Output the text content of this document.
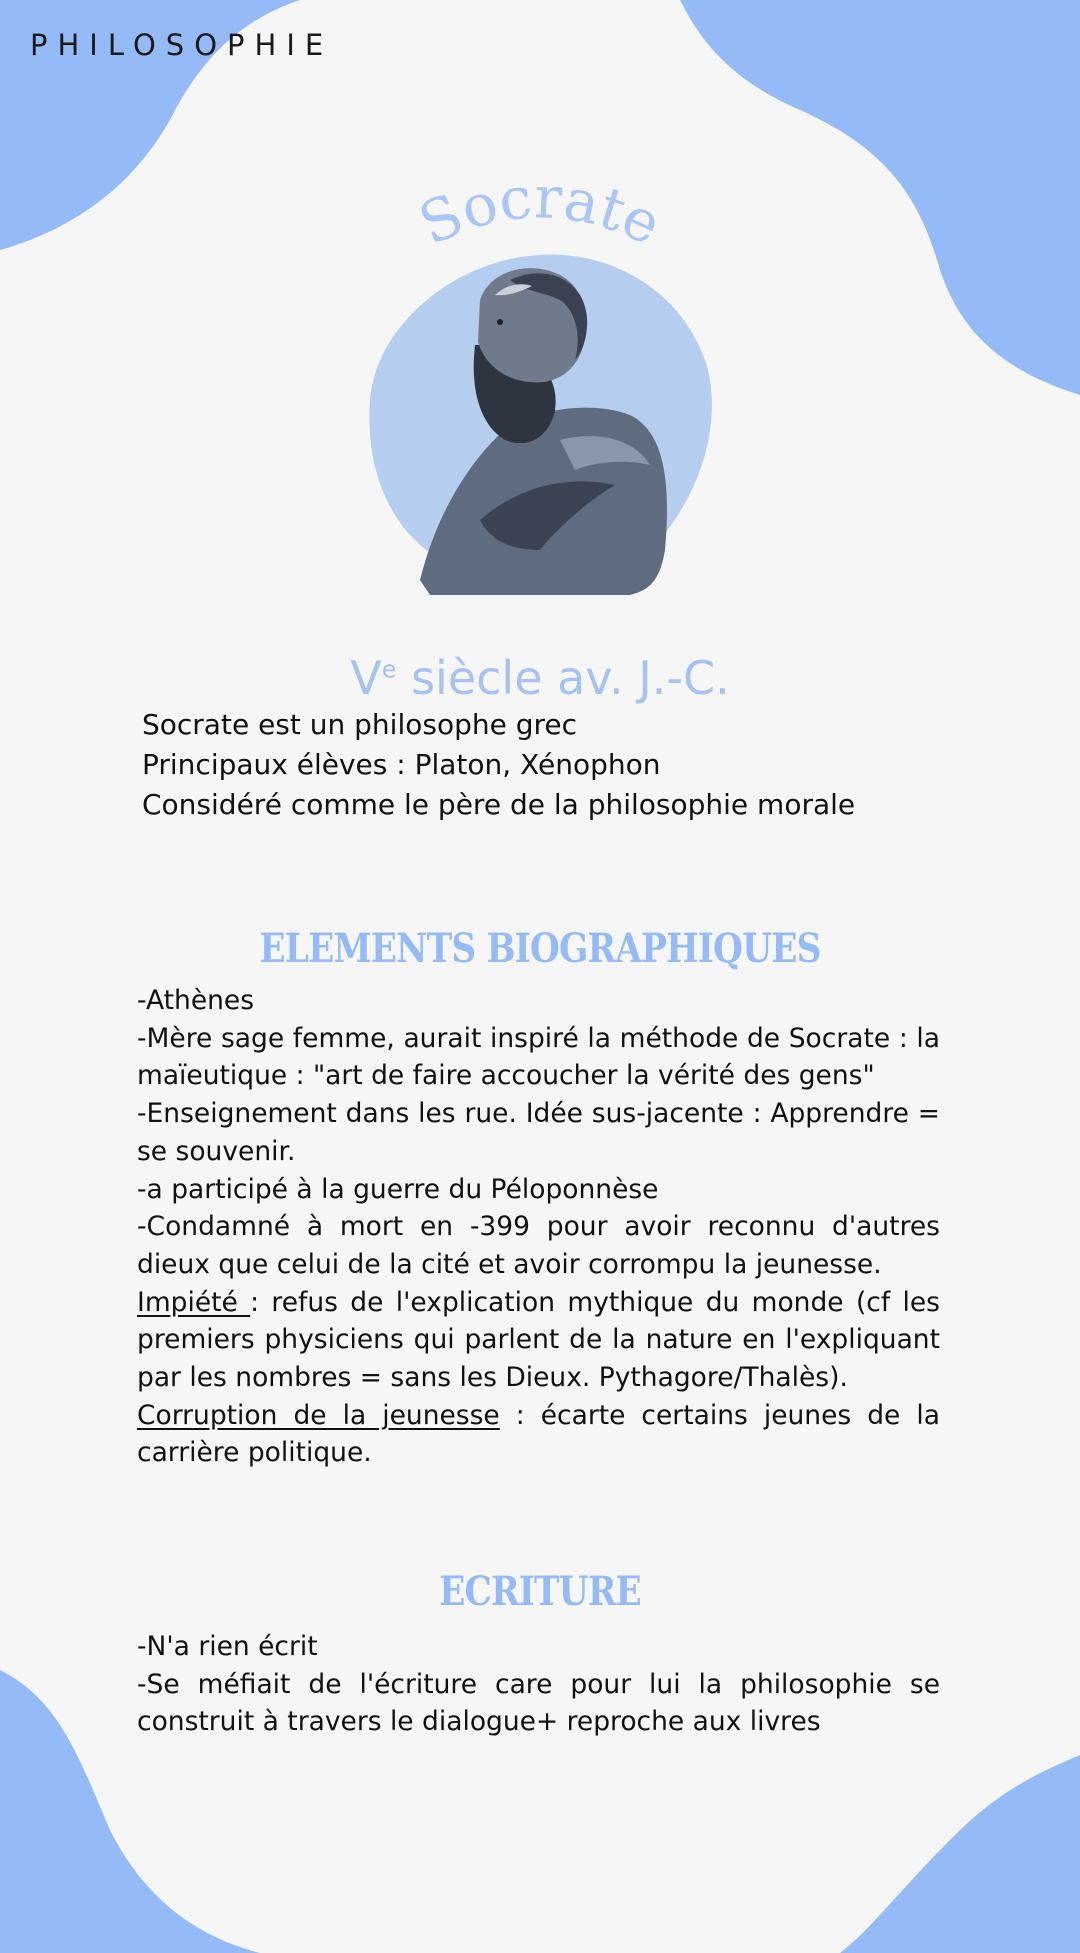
PHILOSOPHIE
Socrate
Ve siècle av. J.-C.
Socrate est un philosophe grec
Principaux élèves : Platon, Xénophon
Considéré comme le père de la philosophie morale
ELEMENTS BIOGRAPHIQUES

-Athènes

-Mère sage femme, aurait inspiré la méthode de Socrate : la maïeutique : "art de faire accoucher la vérité des gens"

-Enseignement dans les rue. Idée sus-jacente : Apprendre = se souvenir.

-a participé à la guerre du Péloponnèse

-Condamné à mort en -399 pour avoir reconnu d'autres dieux que celui de la cité et avoir corrompu la jeunesse.

Impiété : refus de l'explication mythique du monde (cf les premiers physiciens qui parlent de la nature en l'expliquant par les nombres = sans les Dieux. Pythagore/Thalès).

Corruption de la jeunesse : écarte certains jeunes de la carrière politique.

ECRITURE

-N'a rien écrit

-Se méfiait de l'écriture care pour lui la philosophie se construit à travers le dialogue+ reproche aux livres
